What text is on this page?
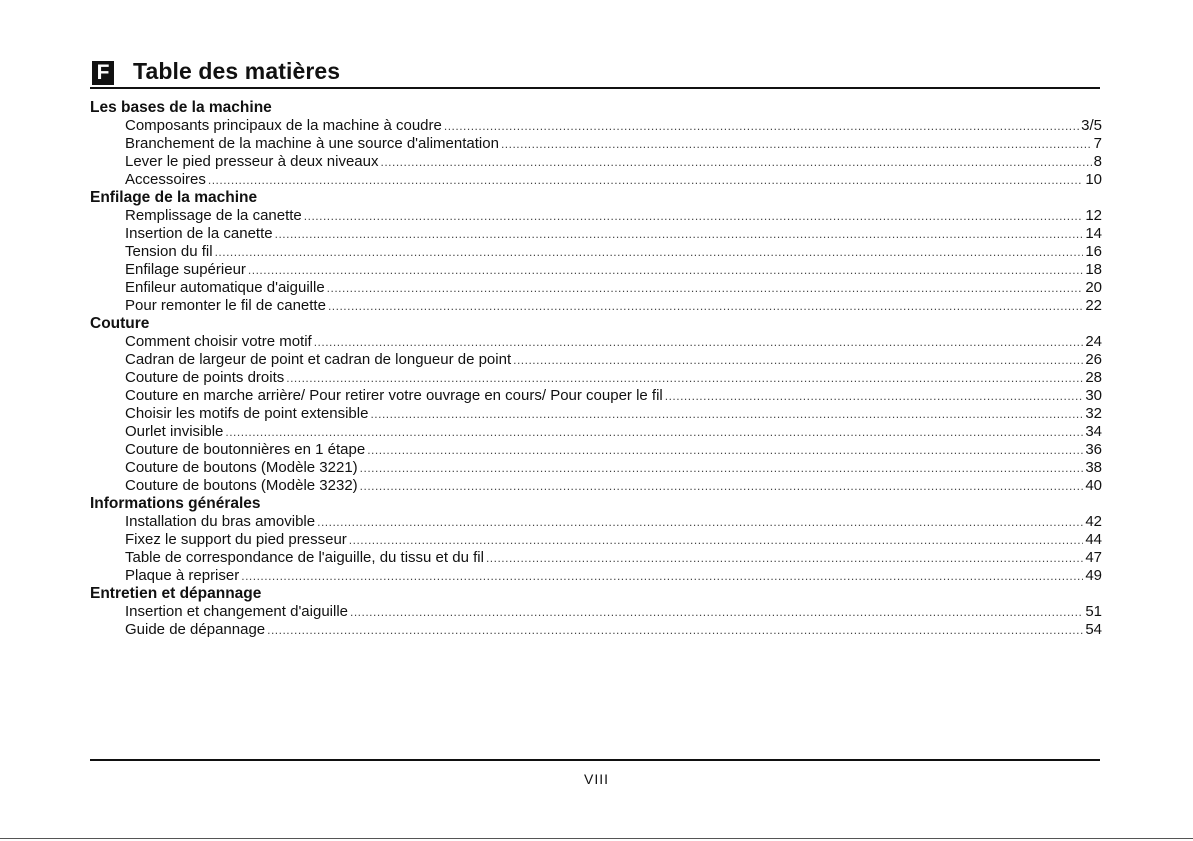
F Table des matières
Les bases de la machine
Composants principaux de la machine à coudre .....	3/5
Branchement de la machine à une source d'alimentation .....	7
Lever le pied presseur à deux niveaux .....	8
Accessoires .....	10
Enfilage de la machine
Remplissage de la canette .....	12
Insertion de la canette .....	14
Tension du fil .....	16
Enfilage supérieur .....	18
Enfileur automatique d'aiguille .....	20
Pour remonter le fil de canette .....	22
Couture
Comment choisir votre motif .....	24
Cadran de largeur de point et cadran de longueur de point .....	26
Couture de points droits .....	28
Couture en marche arrière/ Pour retirer votre ouvrage en cours/ Pour couper le fil .....	30
Choisir les motifs de point extensible .....	32
Ourlet invisible .....	34
Couture de boutonnières en 1 étape .....	36
Couture de boutons (Modèle 3221) .....	38
Couture de boutons (Modèle 3232) .....	40
Informations générales
Installation du bras amovible .....	42
Fixez le support du pied presseur .....	44
Table de correspondance de l'aiguille, du tissu et du fil .....	47
Plaque à repriser .....	49
Entretien et dépannage
Insertion et changement d'aiguille .....	51
Guide de dépannage .....	54
VIII
